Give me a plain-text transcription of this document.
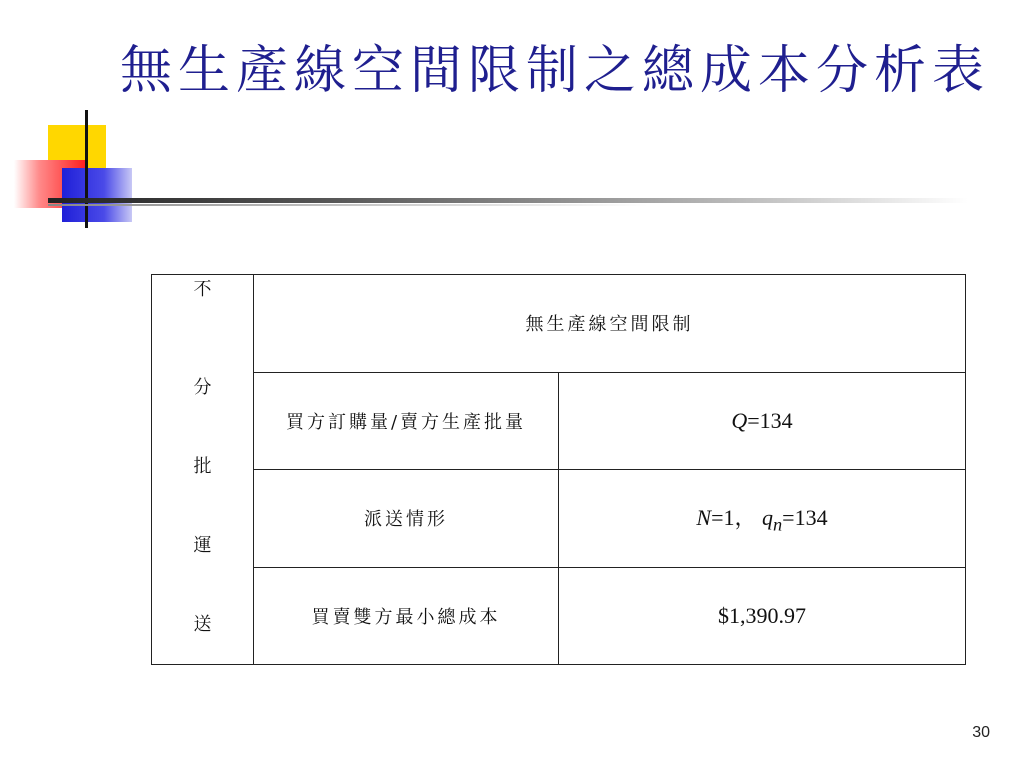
無生產線空間限制之總成本分析表
不
分
批
運
送	無生產線空間限制	
	買方訂購量/賣方生產批量	Q=134
	派送情形	N=1， $q_n=134$
	買賣雙方最小總成本	$1,390.97
30
